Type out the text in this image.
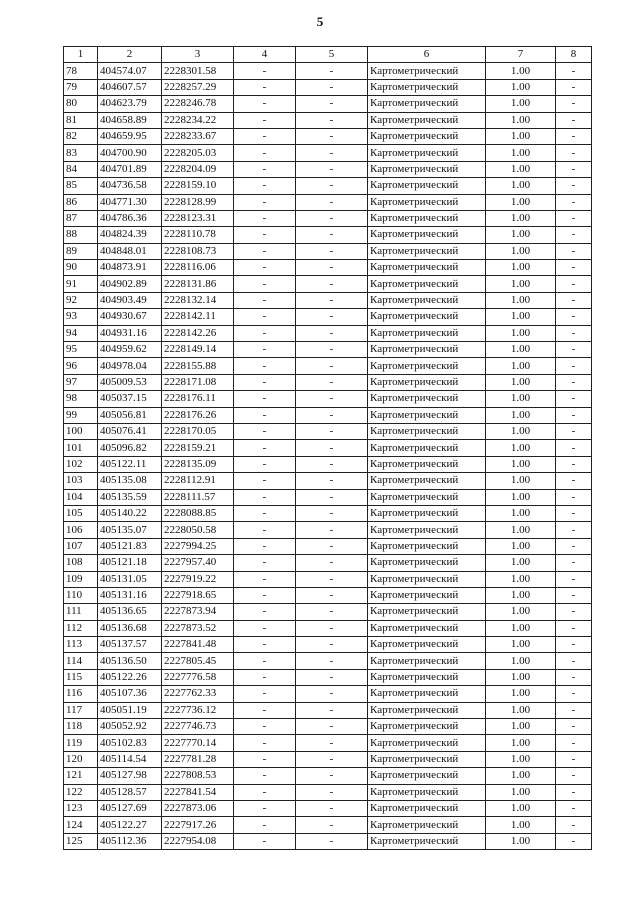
5
1	2	3	4	5	6	7	8
78	404574.07	2228301.58	-	-	Картометрический	1.00	-
79	404607.57	2228257.29	-	-	Картометрический	1.00	-
80	404623.79	2228246.78	-	-	Картометрический	1.00	-
81	404658.89	2228234.22	-	-	Картометрический	1.00	-
82	404659.95	2228233.67	-	-	Картометрический	1.00	-
83	404700.90	2228205.03	-	-	Картометрический	1.00	-
84	404701.89	2228204.09	-	-	Картометрический	1.00	-
85	404736.58	2228159.10	-	-	Картометрический	1.00	-
86	404771.30	2228128.99	-	-	Картометрический	1.00	-
87	404786.36	2228123.31	-	-	Картометрический	1.00	-
88	404824.39	2228110.78	-	-	Картометрический	1.00	-
89	404848.01	2228108.73	-	-	Картометрический	1.00	-
90	404873.91	2228116.06	-	-	Картометрический	1.00	-
91	404902.89	2228131.86	-	-	Картометрический	1.00	-
92	404903.49	2228132.14	-	-	Картометрический	1.00	-
93	404930.67	2228142.11	-	-	Картометрический	1.00	-
94	404931.16	2228142.26	-	-	Картометрический	1.00	-
95	404959.62	2228149.14	-	-	Картометрический	1.00	-
96	404978.04	2228155.88	-	-	Картометрический	1.00	-
97	405009.53	2228171.08	-	-	Картометрический	1.00	-
98	405037.15	2228176.11	-	-	Картометрический	1.00	-
99	405056.81	2228176.26	-	-	Картометрический	1.00	-
100	405076.41	2228170.05	-	-	Картометрический	1.00	-
101	405096.82	2228159.21	-	-	Картометрический	1.00	-
102	405122.11	2228135.09	-	-	Картометрический	1.00	-
103	405135.08	2228112.91	-	-	Картометрический	1.00	-
104	405135.59	2228111.57	-	-	Картометрический	1.00	-
105	405140.22	2228088.85	-	-	Картометрический	1.00	-
106	405135.07	2228050.58	-	-	Картометрический	1.00	-
107	405121.83	2227994.25	-	-	Картометрический	1.00	-
108	405121.18	2227957.40	-	-	Картометрический	1.00	-
109	405131.05	2227919.22	-	-	Картометрический	1.00	-
110	405131.16	2227918.65	-	-	Картометрический	1.00	-
111	405136.65	2227873.94	-	-	Картометрический	1.00	-
112	405136.68	2227873.52	-	-	Картометрический	1.00	-
113	405137.57	2227841.48	-	-	Картометрический	1.00	-
114	405136.50	2227805.45	-	-	Картометрический	1.00	-
115	405122.26	2227776.58	-	-	Картометрический	1.00	-
116	405107.36	2227762.33	-	-	Картометрический	1.00	-
117	405051.19	2227736.12	-	-	Картометрический	1.00	-
118	405052.92	2227746.73	-	-	Картометрический	1.00	-
119	405102.83	2227770.14	-	-	Картометрический	1.00	-
120	405114.54	2227781.28	-	-	Картометрический	1.00	-
121	405127.98	2227808.53	-	-	Картометрический	1.00	-
122	405128.57	2227841.54	-	-	Картометрический	1.00	-
123	405127.69	2227873.06	-	-	Картометрический	1.00	-
124	405122.27	2227917.26	-	-	Картометрический	1.00	-
125	405112.36	2227954.08	-	-	Картометрический	1.00	-
